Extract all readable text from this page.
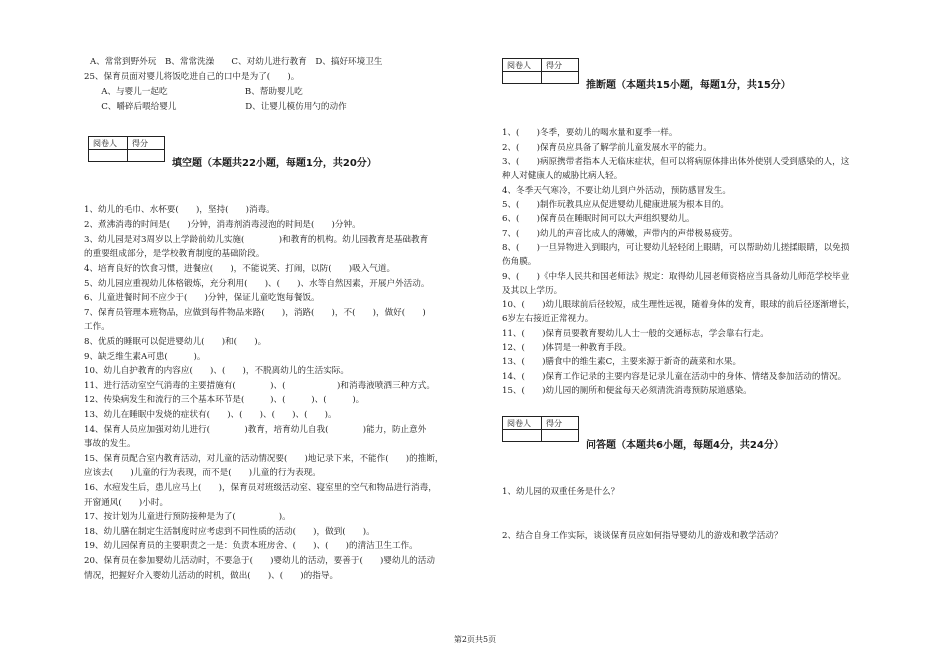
A、常常到野外玩　B、常常洗澡　　C、对幼儿进行教育　D、搞好环境卫生
25、保育员面对婴儿将饭吃进自己的口中是为了(　　)。
　　A、与婴儿一起吃　　　　　　　　　B、帮助婴儿吃
　　C、嚼碎后喂给婴儿　　　　　　　　D、让婴儿模仿用勺的动作
阅卷人	得分

填空题（本题共22小题，每题1分，共20分）
1、幼儿的毛巾、水杯要(　　)，坚持(　　)消毒。
2、煮沸消毒的时间是(　　)分钟，消毒剂消毒浸泡的时间是(　　)分钟。
3、幼儿园是对3周岁以上学龄前幼儿实施(　　　　)和教育的机构。幼儿园教育是基础教育
的重要组成部分，是学校教育制度的基础阶段。
4、培育良好的饮食习惯，进餐应(　　)，不能说笑、打闹，以防(　　)吸入气道。
5、幼儿园应重视幼儿体格锻炼，充分利用(　　)、(　　)、水等自然因素，开展户外活动。
6、儿童进餐时间不应少于(　　)分钟，保证儿童吃饱每餐饭。
7、保育员管理本班物品，应做到每件物品来路(　　)，消路(　　)，不(　　)，做好(　　)
工作。
8、优质的睡眠可以促进婴幼儿(　　)和(　　)。
9、缺乏维生素A可患(　　　)。
10、幼儿自护教育的内容应(　　)、(　　)，不脱离幼儿的生活实际。
11、进行活动室空气消毒的主要措施有(　　　　)、(　　　　　　)和消毒液喷洒三种方式。
12、传染病发生和流行的三个基本环节是(　　　)、(　　　)、(　　　)。
13、幼儿在睡眠中发烧的症状有(　　)、(　　)、(　　)、(　　)。
14、保育人员应加强对幼儿进行(　　　　)教育，培育幼儿自我(　　　　)能力，防止意外
事故的发生。
15、保育员配合室内教育活动，对儿童的活动情况要(　　)地记录下来，不能作(　　)的推断，
应该去(　　)儿童的行为表现，而不是(　　)儿童的行为表现。
16、水痘发生后，患儿应马上(　　)，保育员对班级活动室、寝室里的空气和物品进行消毒，
开窗通风(　　)小时。
17、按计划为儿童进行预防接种是为了(　　　　　)。
18、幼儿膳在制定生活制度时应考虑到不同性质的活动(　　)，做到(　　)。
19、幼儿园保育员的主要职责之一是：负责本班房舍、(　　)、(　　)的清洁卫生工作。
20、保育员在参加婴幼儿活动时，不要急于(　　)婴幼儿的活动，要善于(　　)婴幼儿的活动
情况，把握好介入婴幼儿活动的时机，做出(　　)、(　　)的指导。
阅卷人	得分

推断题（本题共15小题，每题1分，共15分）
1、(　　)冬季，要幼儿的喝水量和夏季一样。
2、(　　)保育员应具备了解学前儿童发展水平的能力。
3、(　　)病原携带者指本人无临床症状，但可以将病原体排出体外使别人受到感染的人，这
种人对健康人的威胁比病人轻。
4、冬季天气寒冷，不要让幼儿到户外活动，预防感冒发生。
5、(　　)制作玩教具应从促进婴幼儿健康进展为根本目的。
6、(　　)保育员在睡眠时间可以大声组织婴幼儿。
7、(　　)幼儿的声音比成人的薄嫩，声带内的声带极易疲劳。
8、(　　)一旦异物进入到眼内，可让婴幼儿轻轻闭上眼睛，可以帮助幼儿搓揉眼睛，以免损
伤角膜。
9、(　　)《中华人民共和国老师法》规定：取得幼儿园老师资格应当具备幼儿师范学校毕业
及其以上学历。
10、(　　)幼儿眼球前后径较短，成生理性远视，随着身体的发育，眼球的前后径逐渐增长，
6岁左右接近正常视力。
11、(　　)保育员要教育婴幼儿人士一般的交通标志，学会靠右行走。
12、(　　)体罚是一种教育手段。
13、(　　)膳食中的维生素C，主要来源于新奇的蔬菜和水果。
14、(　　)保育工作记录的主要内容是记录儿童在活动中的身体、情绪及参加活动的情况。
15、(　　)幼儿园的厕所和便盆每天必须清洗消毒预防尿道感染。
阅卷人	得分

问答题（本题共6小题，每题4分，共24分）
1、幼儿园的双重任务是什么？
2、结合自身工作实际，谈谈保育员应如何指导婴幼儿的游戏和教学活动？
第2页共5页
